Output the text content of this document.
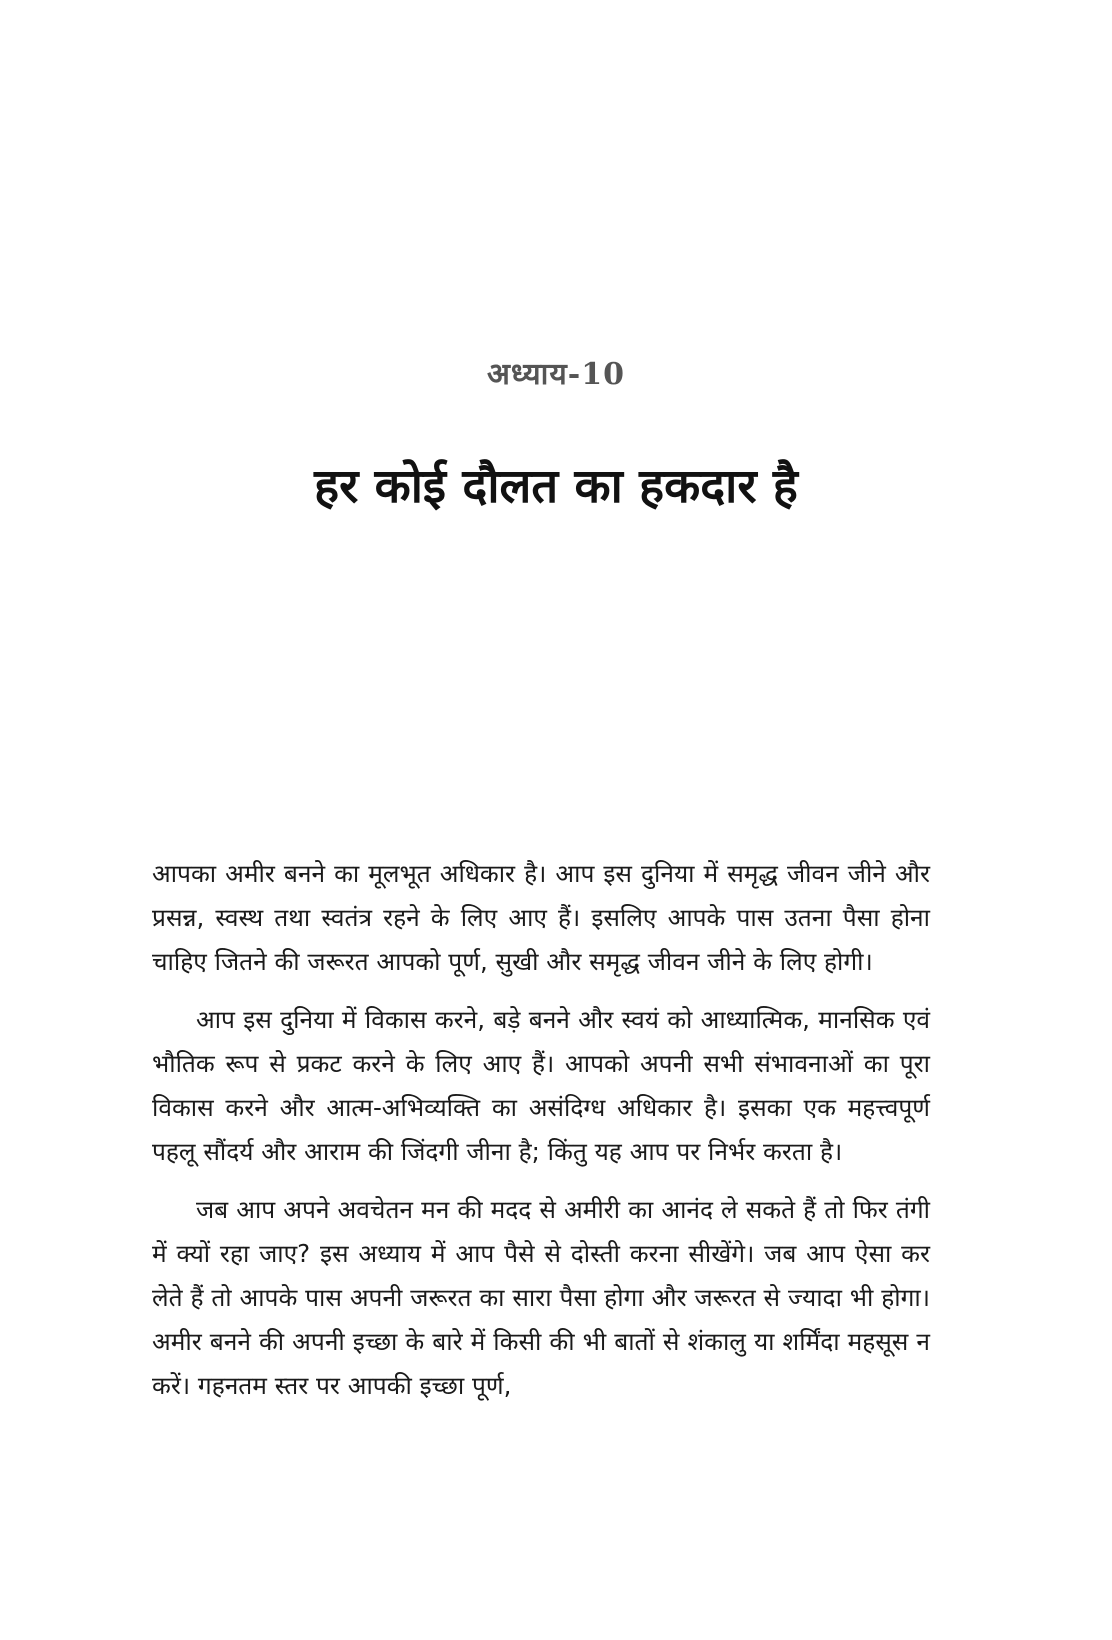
अध्याय-10
हर कोई दौलत का हकदार है

आपका अमीर बनने का मूलभूत अधिकार है। आप इस दुनिया में समृद्ध जीवन जीने और प्रसन्न, स्वस्थ तथा स्वतंत्र रहने के लिए आए हैं। इसलिए आपके पास उतना पैसा होना चाहिए जितने की जरूरत आपको पूर्ण, सुखी और समृद्ध जीवन जीने के लिए होगी।

आप इस दुनिया में विकास करने, बड़े बनने और स्वयं को आध्यात्मिक, मानसिक एवं भौतिक रूप से प्रकट करने के लिए आए हैं। आपको अपनी सभी संभावनाओं का पूरा विकास करने और आत्म-अभिव्यक्ति का असंदिग्ध अधिकार है। इसका एक महत्त्वपूर्ण पहलू सौंदर्य और आराम की जिंदगी जीना है; किंतु यह आप पर निर्भर करता है।

जब आप अपने अवचेतन मन की मदद से अमीरी का आनंद ले सकते हैं तो फिर तंगी में क्यों रहा जाए? इस अध्याय में आप पैसे से दोस्ती करना सीखेंगे। जब आप ऐसा कर लेते हैं तो आपके पास अपनी जरूरत का सारा पैसा होगा और जरूरत से ज्यादा भी होगा। अमीर बनने की अपनी इच्छा के बारे में किसी की भी बातों से शंकालु या शर्मिंदा महसूस न करें। गहनतम स्तर पर आपकी इच्छा पूर्ण,
